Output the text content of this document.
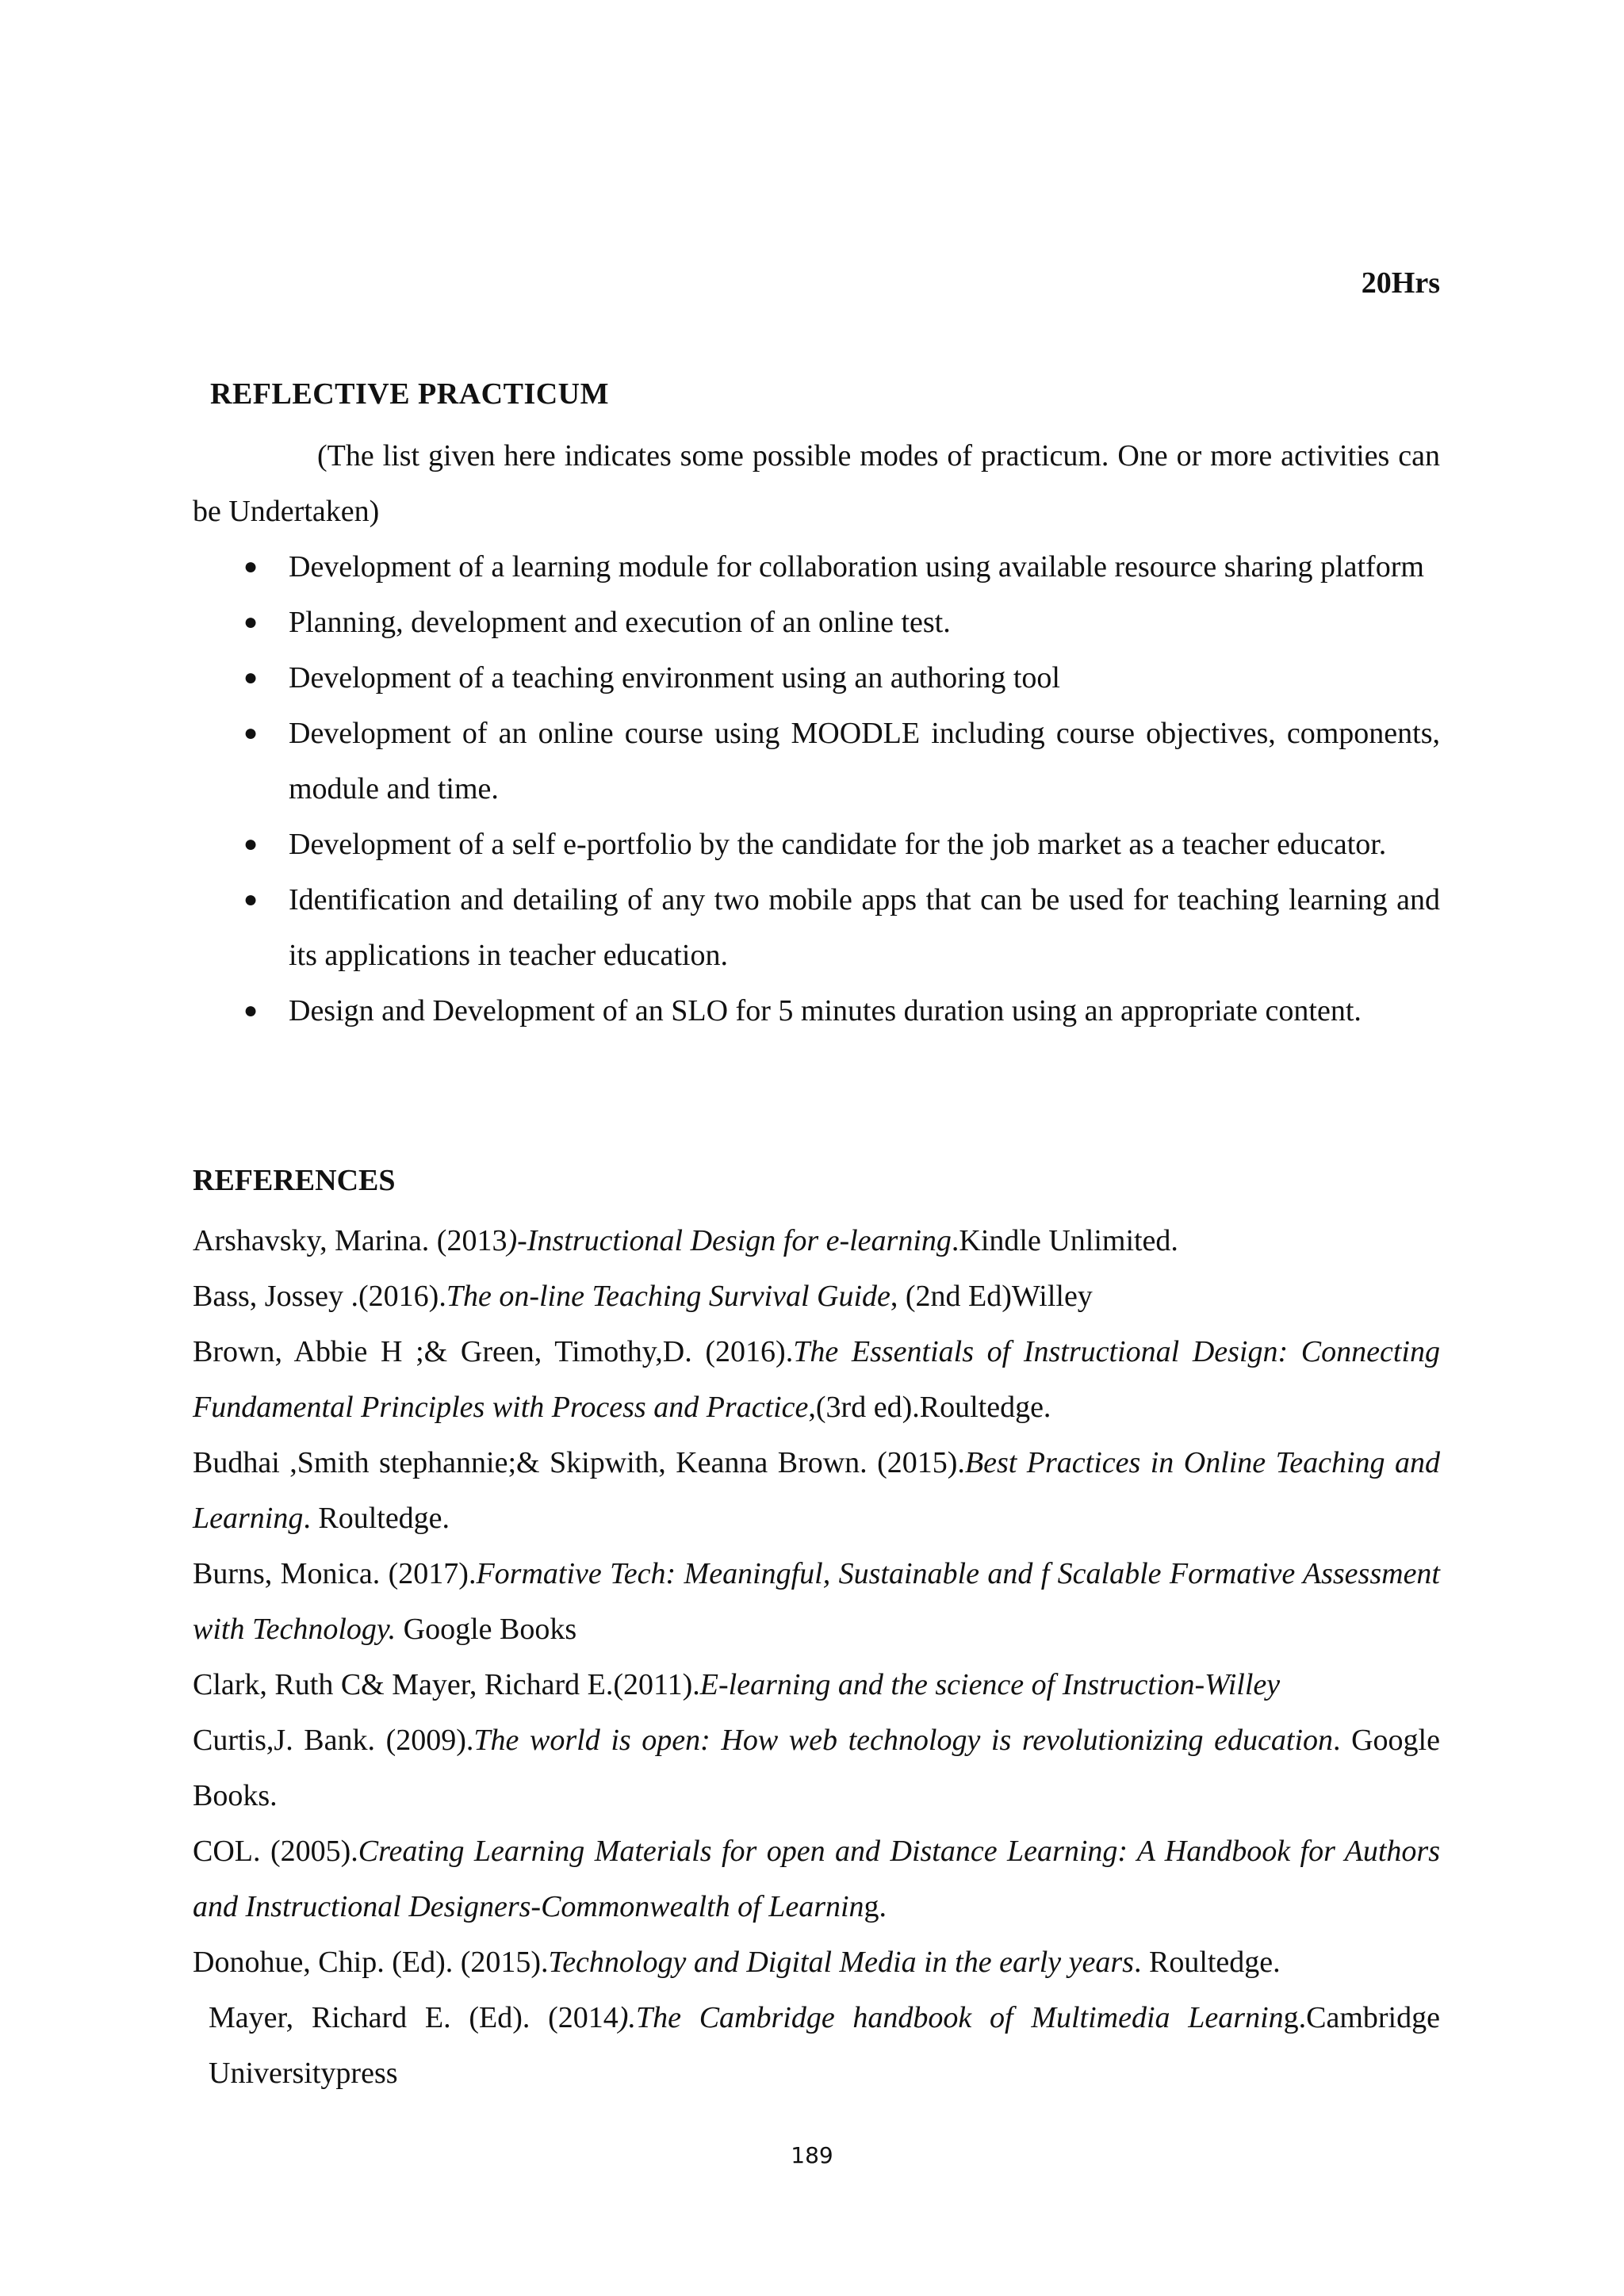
20Hrs
REFLECTIVE PRACTICUM
(The list given here indicates some possible modes of practicum. One or more activities can be Undertaken)
● Development of a learning module for collaboration using available resource sharing platform
● Planning, development and execution of an online test.
● Development of a teaching environment using an authoring tool
● Development of an online course using MOODLE including course objectives, components, module and time.
● Development of a self e-portfolio by the candidate for the job market as a teacher educator.
● Identification and detailing of any two mobile apps that can be used for teaching learning and its applications in teacher education.
● Design and Development of an SLO for 5 minutes duration using an appropriate content.
REFERENCES
Arshavsky, Marina. (2013)-Instructional Design for e-learning.Kindle Unlimited.
Bass, Jossey .(2016).The on-line Teaching Survival Guide, (2nd Ed)Willey
Brown, Abbie H ;& Green, Timothy,D. (2016).The Essentials of Instructional Design: Connecting Fundamental Principles with Process and Practice,(3rd ed).Roultedge.
Budhai ,Smith stephannie;& Skipwith, Keanna Brown. (2015).Best Practices in Online Teaching and Learning. Roultedge.
Burns, Monica. (2017).Formative Tech: Meaningful, Sustainable and f Scalable Formative Assessment with Technology. Google Books
Clark, Ruth C& Mayer, Richard E.(2011).E-learning and the science of Instruction-Willey
Curtis,J. Bank. (2009).The world is open: How web technology is revolutionizing education. Google Books.
COL. (2005).Creating Learning Materials for open and Distance Learning: A Handbook for Authors and Instructional Designers-Commonwealth of Learning.
Donohue, Chip. (Ed). (2015).Technology and Digital Media in the early years. Roultedge.
Mayer, Richard E. (Ed). (2014).The Cambridge handbook of Multimedia Learning.Cambridge Universitypress
189
